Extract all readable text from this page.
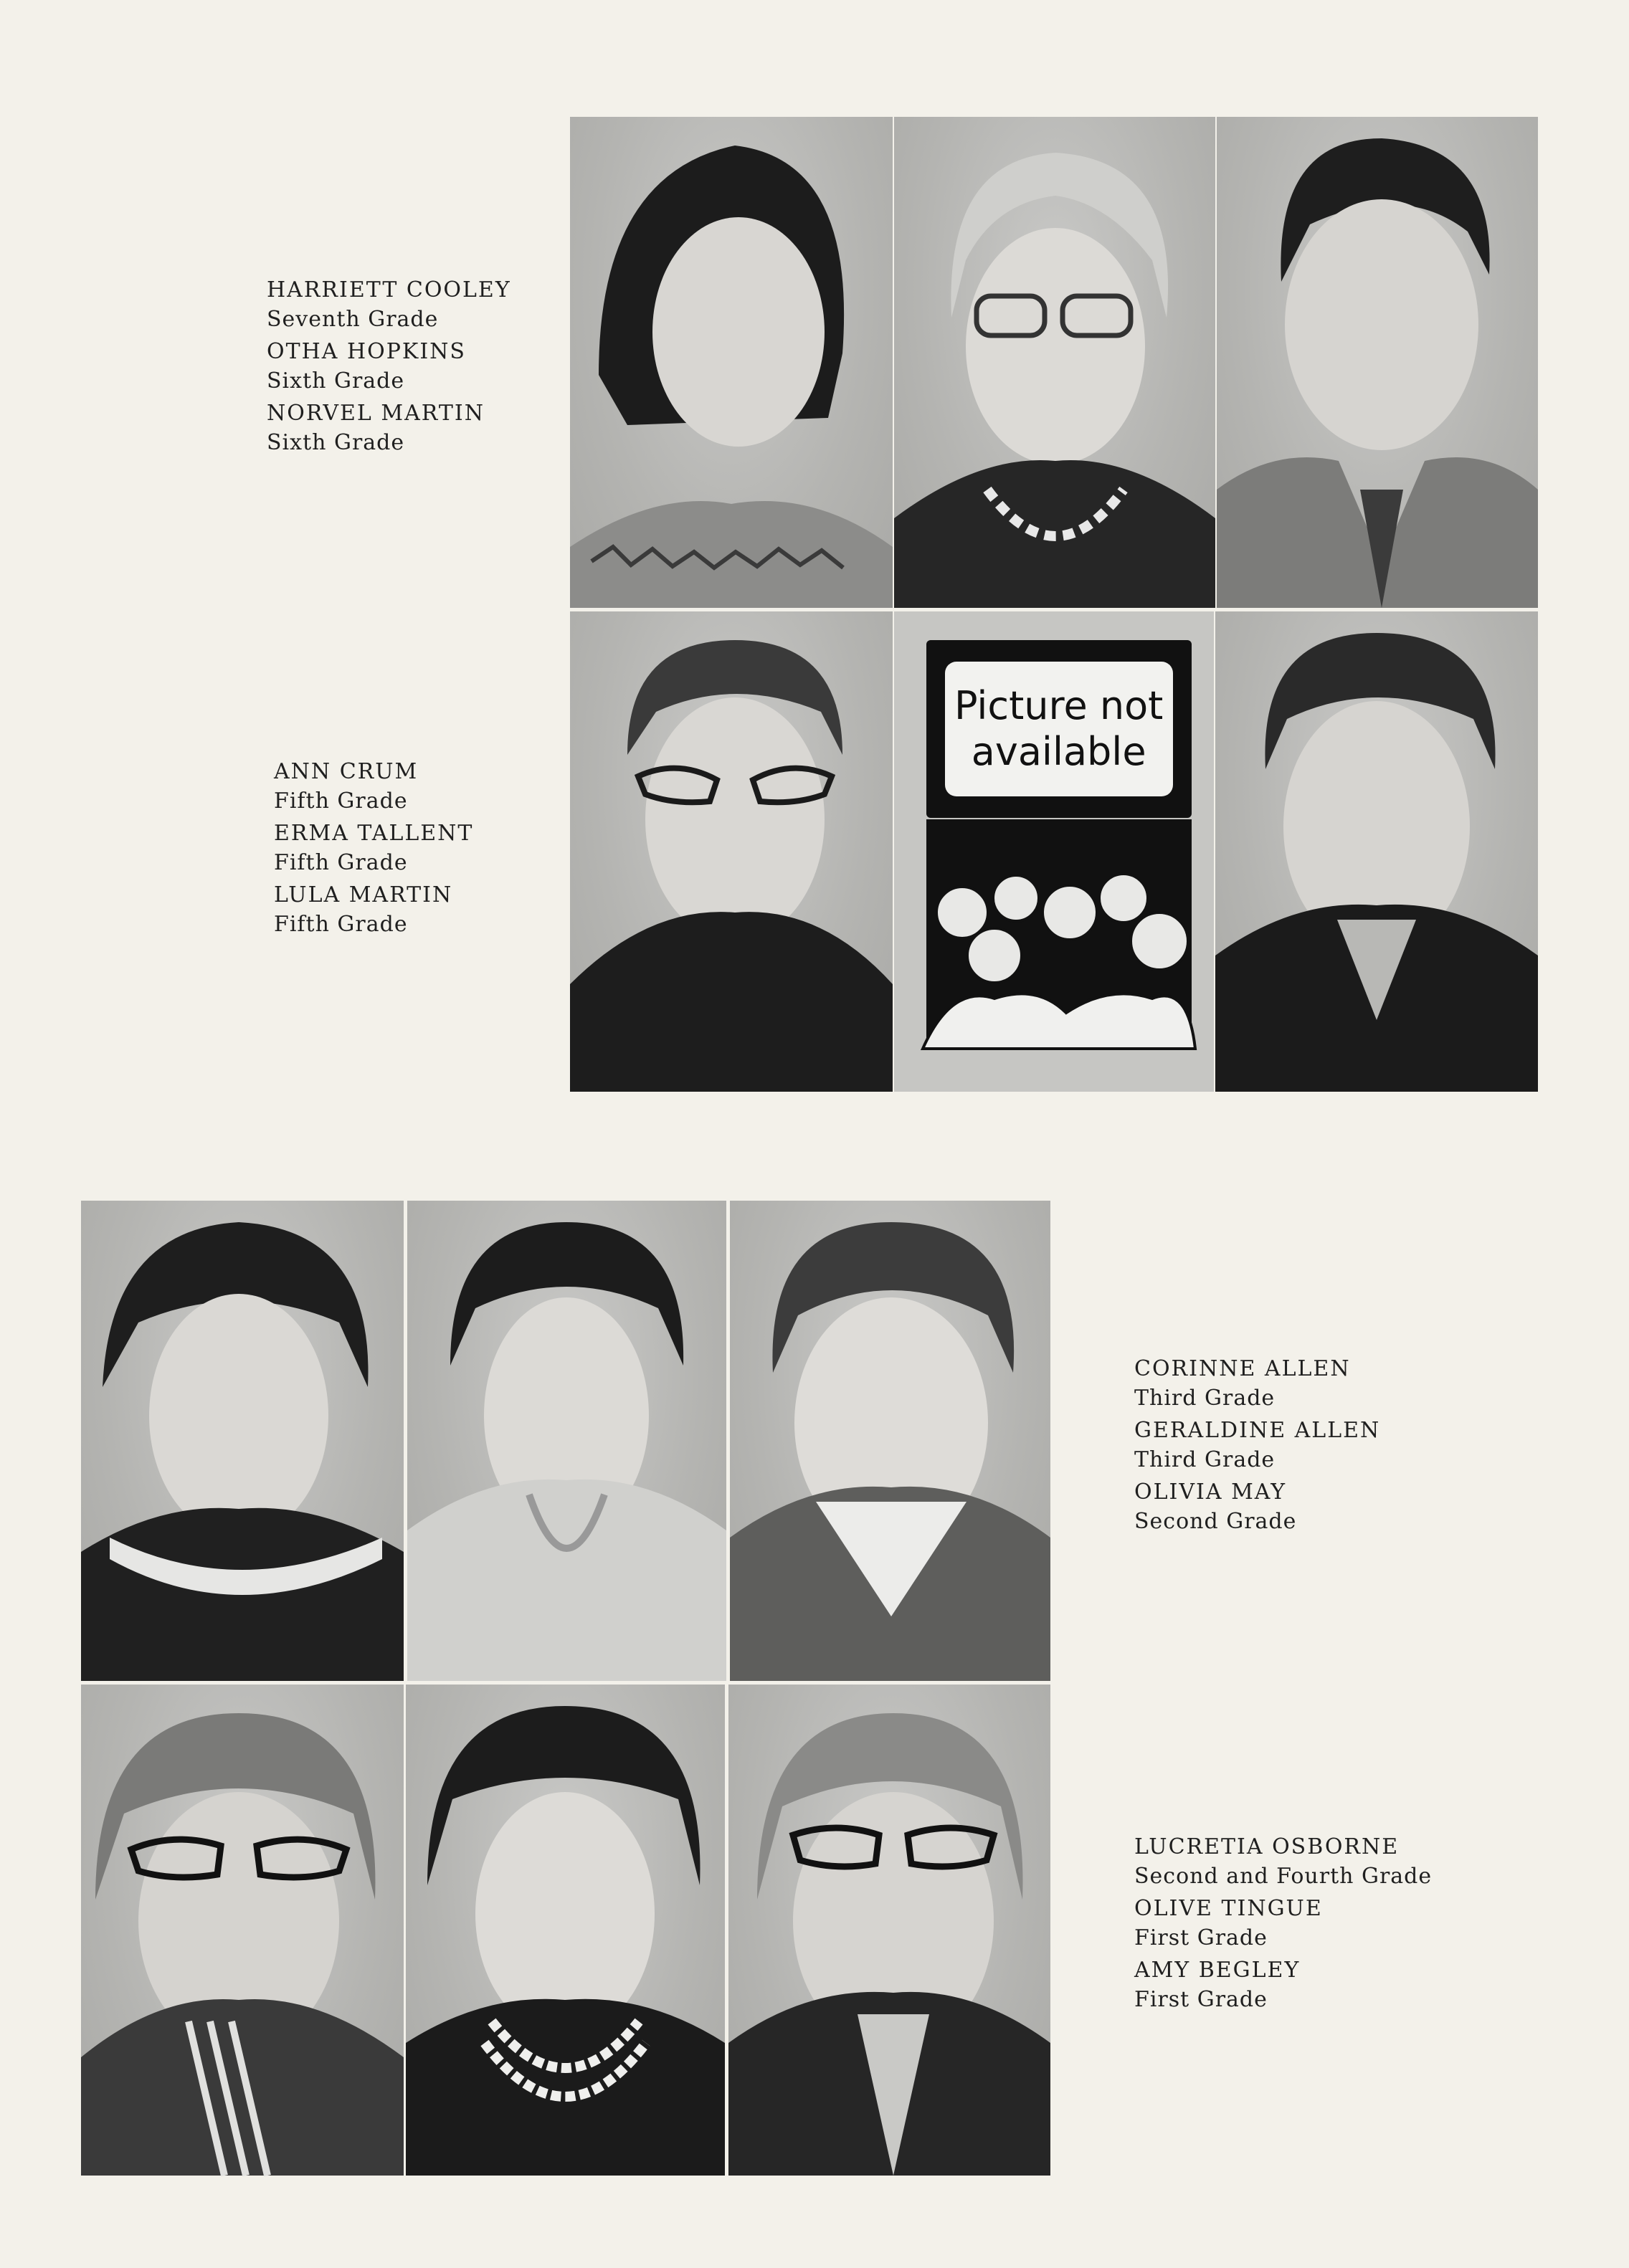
HARRIETT COOLEY
Seventh Grade
OTHA HOPKINS
Sixth Grade
NORVEL MARTIN
Sixth Grade
ANN CRUM
Fifth Grade
ERMA TALLENT
Fifth Grade
LULA MARTIN
Fifth Grade
Picture not
available
CORINNE ALLEN
Third Grade
GERALDINE ALLEN
Third Grade
OLIVIA MAY
Second Grade
LUCRETIA OSBORNE
Second and Fourth Grade
OLIVE TINGUE
First Grade
AMY BEGLEY
First Grade
